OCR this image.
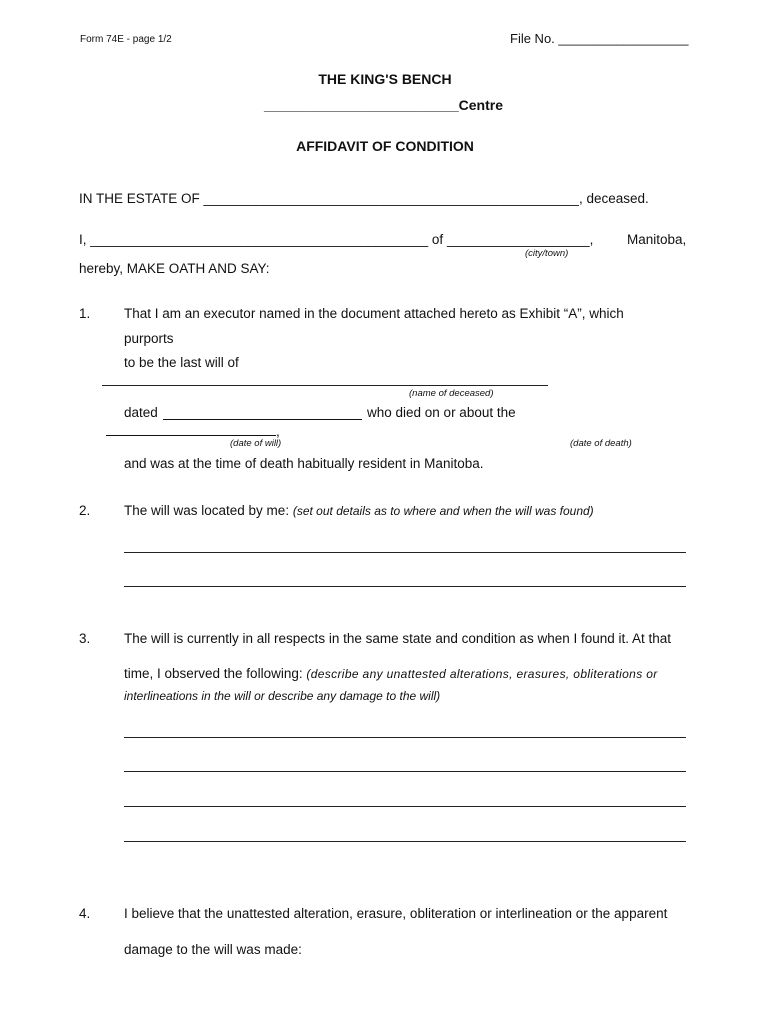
Form 74E - page 1/2	File No. __________________
THE KING'S BENCH
_________________________Centre
AFFIDAVIT OF CONDITION
IN THE ESTATE OF __________________________________________________, deceased.
I, _____________________________________________ of ___________________, Manitoba,
(city/town)
hereby, MAKE OATH AND SAY:
1. That I am an executor named in the document attached hereto as Exhibit “A”, which
purports
to be the last will of
(name of deceased)
dated	who died on or about the
,
(date of will)	(date of death)
and was at the time of death habitually resident in Manitoba.
2. The will was located by me: (set out details as to where and when the will was found)
3. The will is currently in all respects in the same state and condition as when I found it. At that
time, I observed the following: (describe any unattested alterations, erasures, obliterations or
interlineations in the will or describe any damage to the will)
4. I believe that the unattested alteration, erasure, obliteration or interlineation or the apparent
damage to the will was made:
